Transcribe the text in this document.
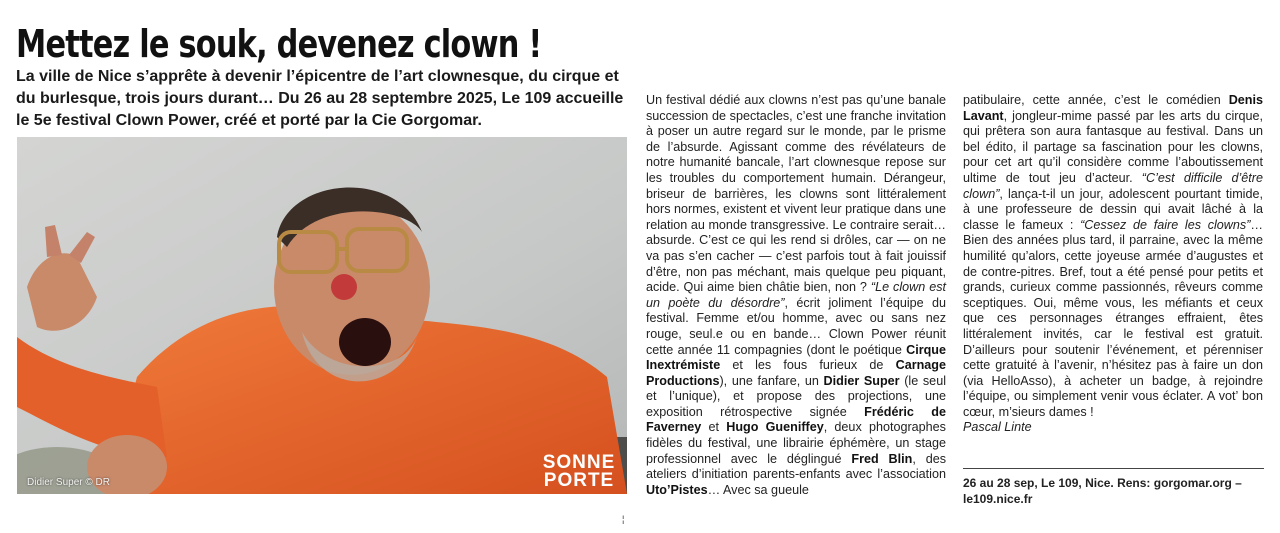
Mettez le souk, devenez clown !

La ville de Nice s’apprête à devenir l’épicentre de l’art clownesque, du cirque et du burlesque, trois jours durant… Du 26 au 28 septembre 2025, Le 109 accueille le 5e festival Clown Power, créé et porté par la Cie Gorgomar.

Didier Super © DR
SONNE
PORTE

Un festival dédié aux clowns n’est pas qu’une banale succession de spectacles, c’est une franche invitation à poser un autre regard sur le monde, par le prisme de l’absurde. Agissant comme des révélateurs de notre humanité bancale, l’art clownesque repose sur les troubles du comportement humain. Dérangeur, briseur de barrières, les clowns sont littéralement hors normes, existent et vivent leur pratique dans une relation au monde transgressive. Le contraire serait… absurde. C’est ce qui les rend si drôles, car — on ne va pas s’en cacher — c’est parfois tout à fait jouissif d’être, non pas méchant, mais quelque peu piquant, acide. Qui aime bien châtie bien, non ? “Le clown est un poète du désordre”, écrit joliment l’équipe du festival. Femme et/ou homme, avec ou sans nez rouge, seul.e ou en bande… Clown Power réunit cette année 11 compagnies (dont le poétique Cirque Inextrémiste et les fous furieux de Carnage Productions), une fanfare, un Didier Super (le seul et l’unique), et propose des projections, une exposition rétrospective signée Frédéric de Faverney et Hugo Gueniffey, deux photographes fidèles du festival, une librairie éphémère, un stage professionnel avec le déglingué Fred Blin, des ateliers d’initiation parents-enfants avec l’association Uto’Pistes… Avec sa gueule

patibulaire, cette année, c’est le comédien Denis Lavant, jongleur-mime passé par les arts du cirque, qui prêtera son aura fantasque au festival. Dans un bel édito, il partage sa fascination pour les clowns, pour cet art qu’il considère comme l’aboutissement ultime de tout jeu d’acteur. “C’est difficile d’être clown”, lança-t-il un jour, adolescent pourtant timide, à une professeure de dessin qui avait lâché à la classe le fameux : “Cessez de faire les clowns”… Bien des années plus tard, il parraine, avec la même humilité qu’alors, cette joyeuse armée d’augustes et de contre-pitres. Bref, tout a été pensé pour petits et grands, curieux comme passionnés, rêveurs comme sceptiques. Oui, même vous, les méfiants et ceux que ces personnages étranges effraient, êtes littéralement invités, car le festival est gratuit. D’ailleurs pour soutenir l’événement, et pérenniser cette gratuité à l’avenir, n’hésitez pas à faire un don (via HelloAsso), à acheter un badge, à rejoindre l’équipe, ou simplement venir vous éclater. A vot’ bon cœur, m’sieurs dames !

Pascal Linte

26 au 28 sep, Le 109, Nice. Rens: gorgomar.org – le109.nice.fr

¦
